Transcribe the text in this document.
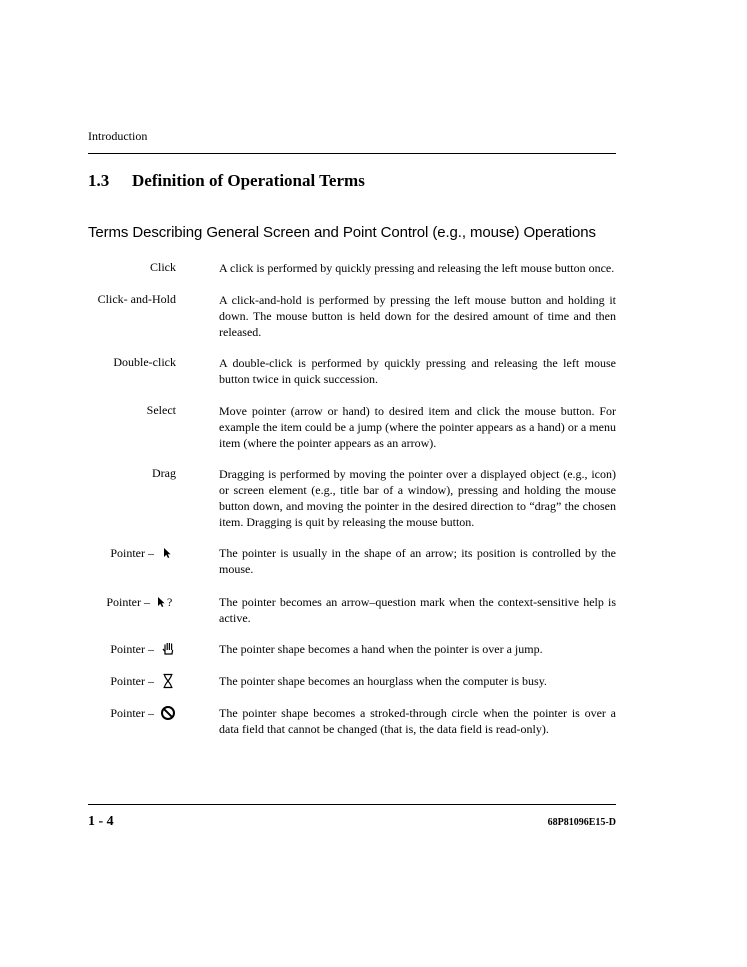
Introduction
1.3 Definition of Operational Terms
Terms Describing General Screen and Point Control (e.g., mouse) Operations
Click	A click is performed by quickly pressing and releasing the left mouse button once.
Click- and-Hold	A click-and-hold is performed by pressing the left mouse button and holding it down. The mouse button is held down for the desired amount of time and then released.
Double-click	A double-click is performed by quickly pressing and releasing the left mouse button twice in quick succession.
Select	Move pointer (arrow or hand) to desired item and click the mouse button. For example the item could be a jump (where the pointer appears as a hand) or a menu item (where the pointer appears as an arrow).
Drag	Dragging is performed by moving the pointer over a displayed object (e.g., icon) or screen element (e.g., title bar of a window), pressing and holding the mouse button down, and moving the pointer in the desired direction to “drag” the chosen item. Dragging is quit by releasing the mouse button.
Pointer –	The pointer is usually in the shape of an arrow; its position is controlled by the mouse.
Pointer – ?	The pointer becomes an arrow–question mark when the context-sensitive help is active.
Pointer –	The pointer shape becomes a hand when the pointer is over a jump.
Pointer –	The pointer shape becomes an hourglass when the computer is busy.
Pointer –	The pointer shape becomes a stroked-through circle when the pointer is over a data field that cannot be changed (that is, the data field is read-only).
1 - 4	68P81096E15-D
